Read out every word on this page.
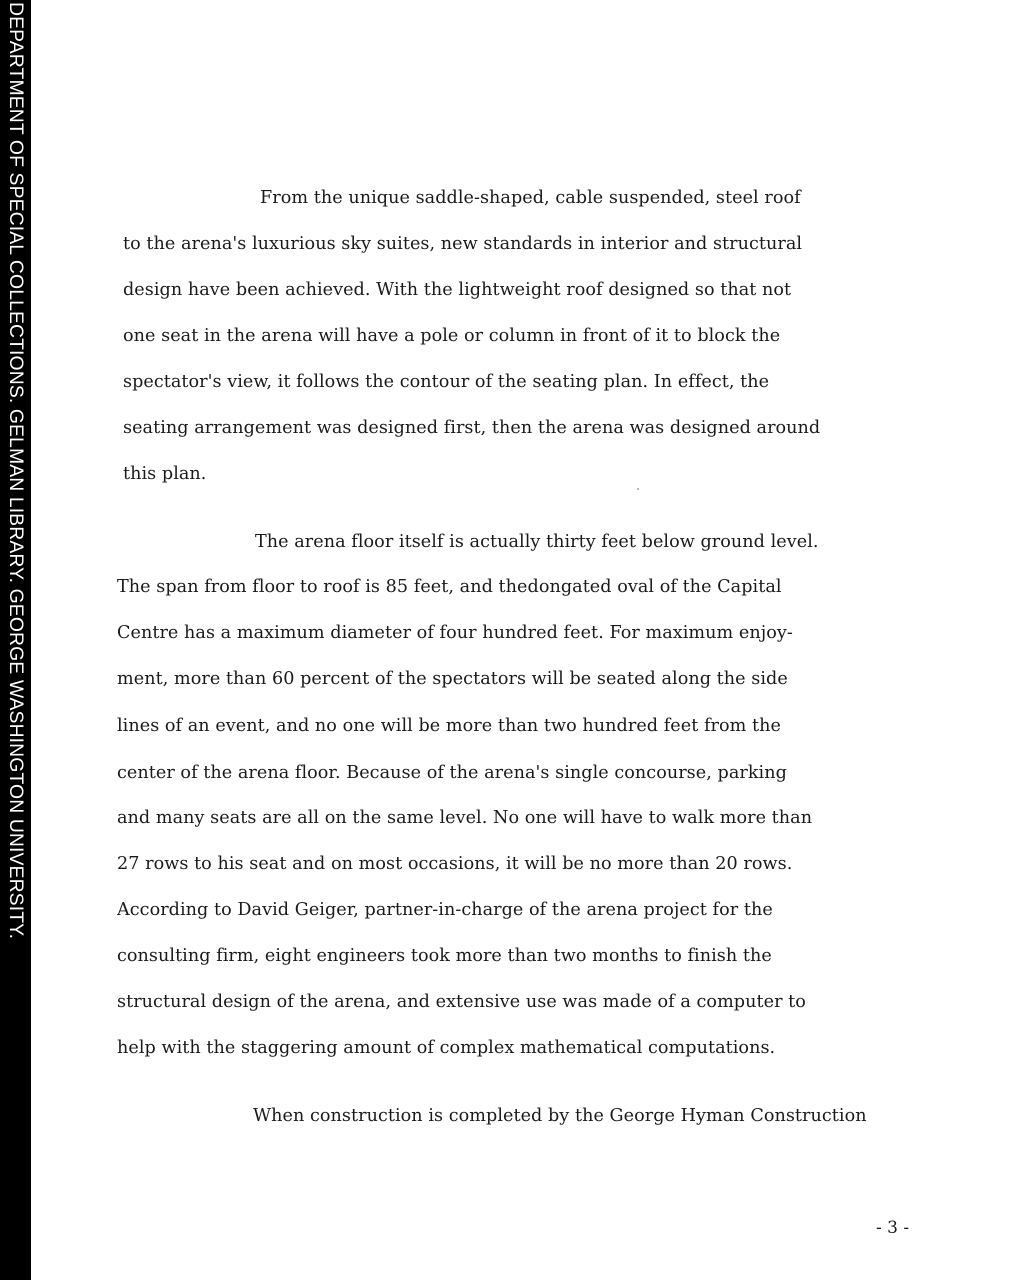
DEPARTMENT OF SPECIAL COLLECTIONS. GELMAN LIBRARY. GEORGE WASHINGTON UNIVERSITY.	From the unique saddle-shaped, cable suspended, steel roof
to the arena's luxurious sky suites, new standards in interior and structural
design have been achieved. With the lightweight roof designed so that not
one seat in the arena will have a pole or column in front of it to block the
spectator's view, it follows the contour of the seating plan. In effect, the
seating arrangement was designed first, then the arena was designed around
this plan.
The arena floor itself is actually thirty feet below ground level.
The span from floor to roof is 85 feet, and thedongated oval of the Capital
Centre has a maximum diameter of four hundred feet. For maximum enjoy-
ment, more than 60 percent of the spectators will be seated along the side
lines of an event, and no one will be more than two hundred feet from the
center of the arena floor. Because of the arena's single concourse, parking
and many seats are all on the same level. No one will have to walk more than
27 rows to his seat and on most occasions, it will be no more than 20 rows.
According to David Geiger, partner-in-charge of the arena project for the
consulting firm, eight engineers took more than two months to finish the
structural design of the arena, and extensive use was made of a computer to
help with the staggering amount of complex mathematical computations.
When construction is completed by the George Hyman Construction
- 3 -
